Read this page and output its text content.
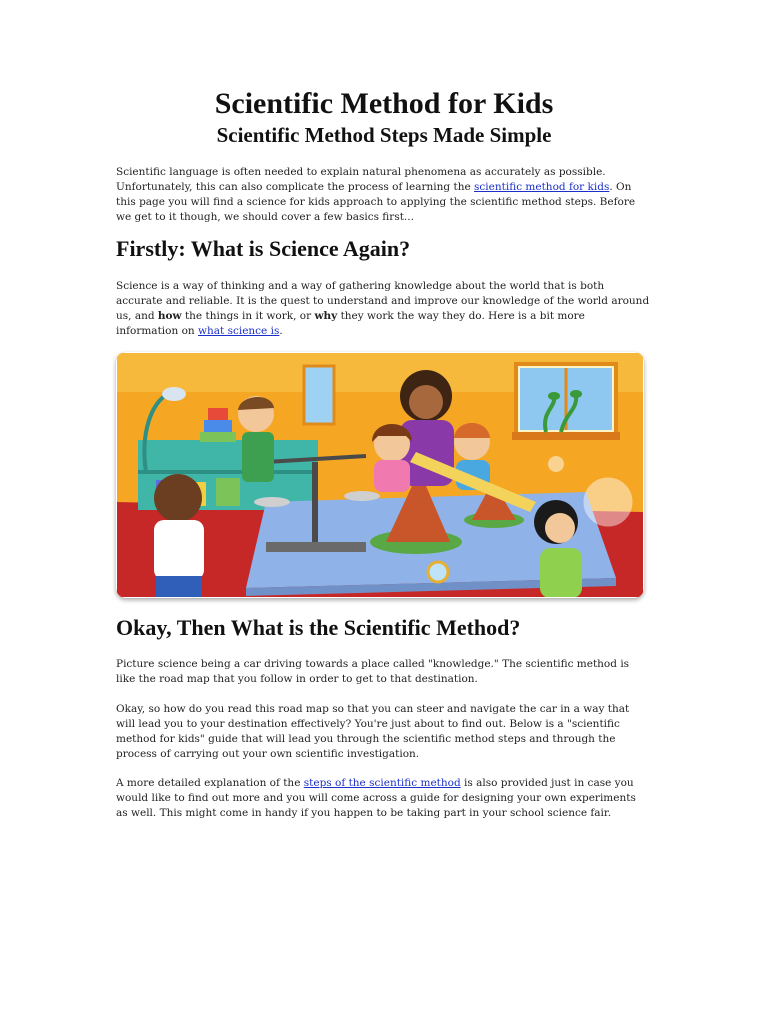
Scientific Method for Kids
Scientific Method Steps Made Simple

Scientific language is often needed to explain natural phenomena as accurately as possible. Unfortunately, this can also complicate the process of learning the scientific method for kids. On this page you will find a science for kids approach to applying the scientific method steps. Before we get to it though, we should cover a few basics first...

Firstly: What is Science Again?

Science is a way of thinking and a way of gathering knowledge about the world that is both accurate and reliable. It is the quest to understand and improve our knowledge of the world around us, and how the things in it work, or why they work the way they do. Here is a bit more information on what science is.

Okay, Then What is the Scientific Method?

Picture science being a car driving towards a place called "knowledge." The scientific method is like the road map that you follow in order to get to that destination.

Okay, so how do you read this road map so that you can steer and navigate the car in a way that will lead you to your destination effectively? You're just about to find out. Below is a "scientific method for kids" guide that will lead you through the scientific method steps and through the process of carrying out your own scientific investigation.

A more detailed explanation of the steps of the scientific method is also provided just in case you would like to find out more and you will come across a guide for designing your own experiments as well. This might come in handy if you happen to be taking part in your school science fair.
